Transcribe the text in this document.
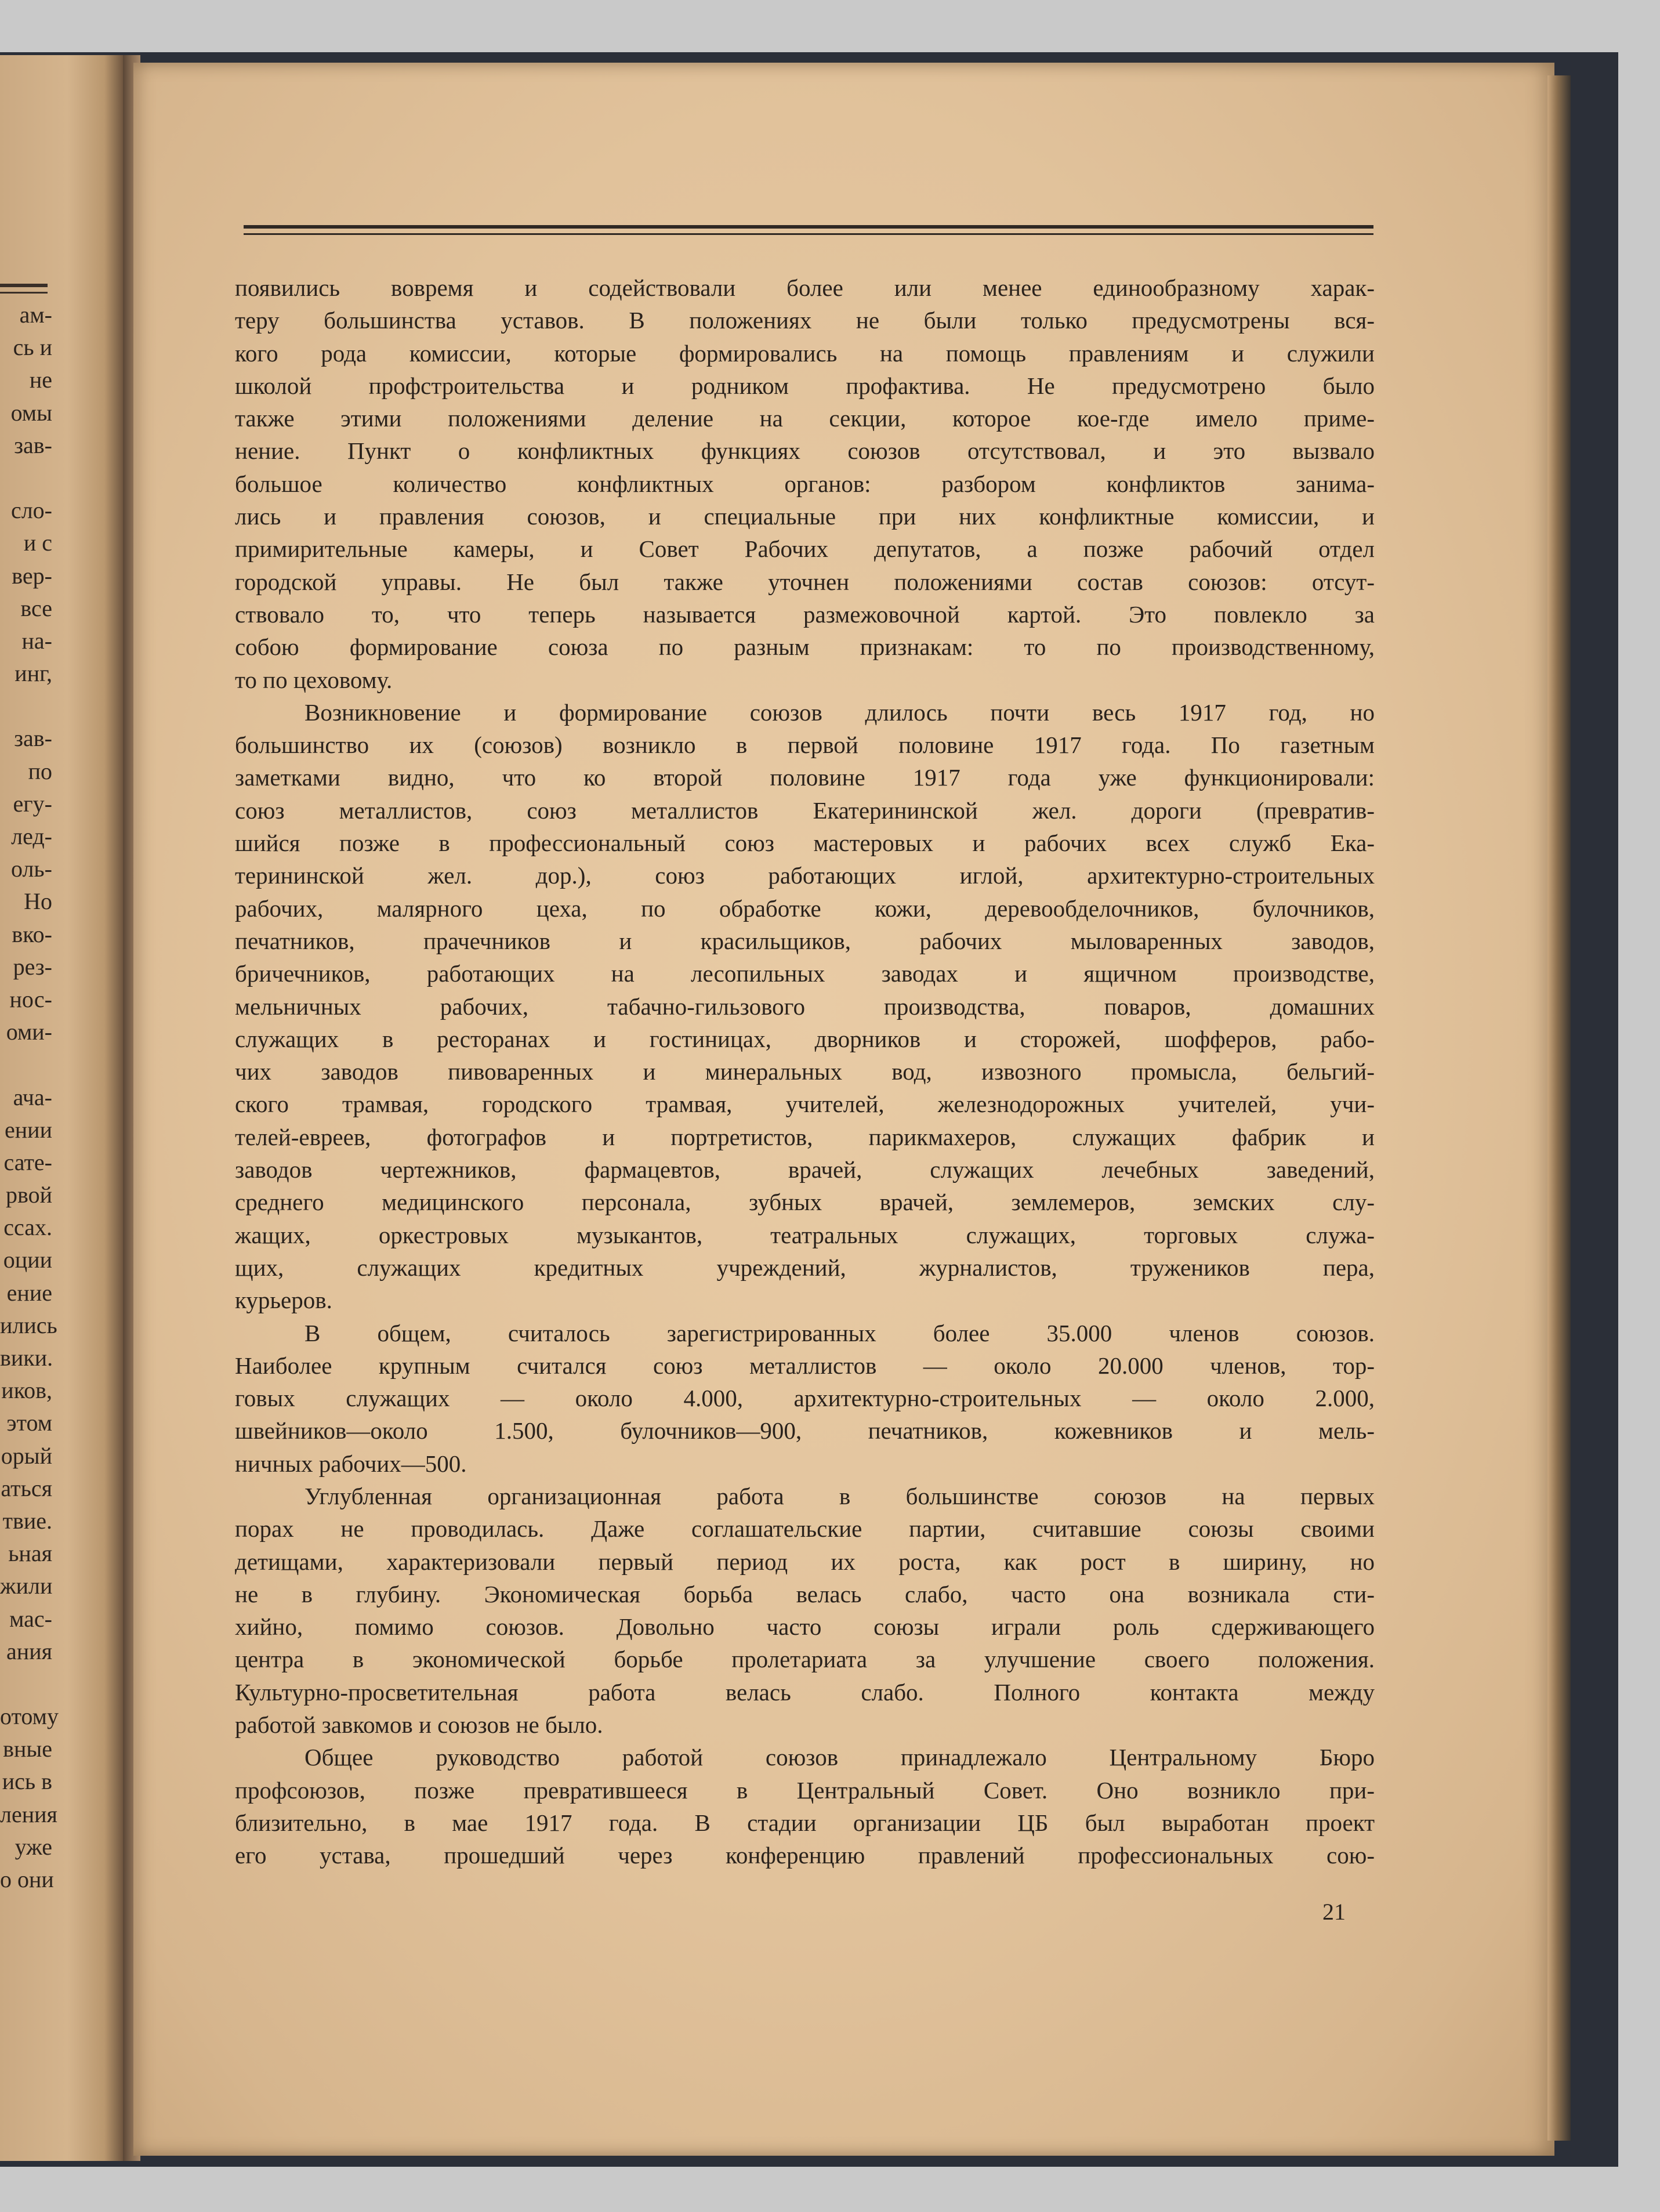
ам-
сь и
не
омы
зав-
сло-
и с
вер-
все
на-
инг,
зав-
по
егу-
лед-
оль-
Но
вко-
рез-
нос-
оми-
ача-
ении
сате-
рвой
ссах.
оции
ение
ились
вики.
иков,
этом
орый
аться
твие.
ьная
жили
мас-
ания
отому
вные
ись в
ления
уже
о они
появились вовремя и содействовали более или менее единообразному харак-
теру большинства уставов. В положениях не были только предусмотрены вся-
кого рода комиссии, которые формировались на помощь правлениям и служили
школой профстроительства и родником профактива. Не предусмотрено было
также этими положениями деление на секции, которое кое-где имело приме-
нение. Пункт о конфликтных функциях союзов отсутствовал, и это вызвало
большое количество конфликтных органов: разбором конфликтов занима-
лись и правления союзов, и специальные при них конфликтные комиссии, и
примирительные камеры, и Совет Рабочих депутатов, а позже рабочий отдел
городской управы. Не был также уточнен положениями состав союзов: отсут-
ствовало то, что теперь называется размежовочной картой. Это повлекло за
собою формирование союза по разным признакам: то по производственному,
то по цеховому.
Возникновение и формирование союзов длилось почти весь 1917 год, но
большинство их (союзов) возникло в первой половине 1917 года. По газетным
заметками видно, что ко второй половине 1917 года уже функционировали:
союз металлистов, союз металлистов Екатерининской жел. дороги (превратив-
шийся позже в профессиональный союз мастеровых и рабочих всех служб Ека-
терининской жел. дор.), союз работающих иглой, архитектурно-строительных
рабочих, малярного цеха, по обработке кожи, деревообделочников, булочников,
печатников, прачечников и красильщиков, рабочих мыловаренных заводов,
бричечников, работающих на лесопильных заводах и ящичном производстве,
мельничных рабочих, табачно-гильзового производства, поваров, домашних
служащих в ресторанах и гостиницах, дворников и сторожей, шофферов, рабо-
чих заводов пивоваренных и минеральных вод, извозного промысла, бельгий-
ского трамвая, городского трамвая, учителей, железнодорожных учителей, учи-
телей-евреев, фотографов и портретистов, парикмахеров, служащих фабрик и
заводов чертежников, фармацевтов, врачей, служащих лечебных заведений,
среднего медицинского персонала, зубных врачей, землемеров, земских слу-
жащих, оркестровых музыкантов, театральных служащих, торговых служа-
щих, служащих кредитных учреждений, журналистов, тружеников пера,
курьеров.
В общем, считалось зарегистрированных более 35.000 членов союзов.
Наиболее крупным считался союз металлистов — около 20.000 членов, тор-
говых служащих — около 4.000, архитектурно-строительных — около 2.000,
швейников—около 1.500, булочников—900, печатников, кожевников и мель-
ничных рабочих—500.
Углубленная организационная работа в большинстве союзов на первых
порах не проводилась. Даже соглашательские партии, считавшие союзы своими
детищами, характеризовали первый период их роста, как рост в ширину, но
не в глубину. Экономическая борьба велась слабо, часто она возникала сти-
хийно, помимо союзов. Довольно часто союзы играли роль сдерживающего
центра в экономической борьбе пролетариата за улучшение своего положения.
Культурно-просветительная работа велась слабо. Полного контакта между
работой завкомов и союзов не было.
Общее руководство работой союзов принадлежало Центральному Бюро
профсоюзов, позже превратившееся в Центральный Совет. Оно возникло при-
близительно, в мае 1917 года. В стадии организации ЦБ был выработан проект
его устава, прошедший через конференцию правлений профессиональных сою-
21
